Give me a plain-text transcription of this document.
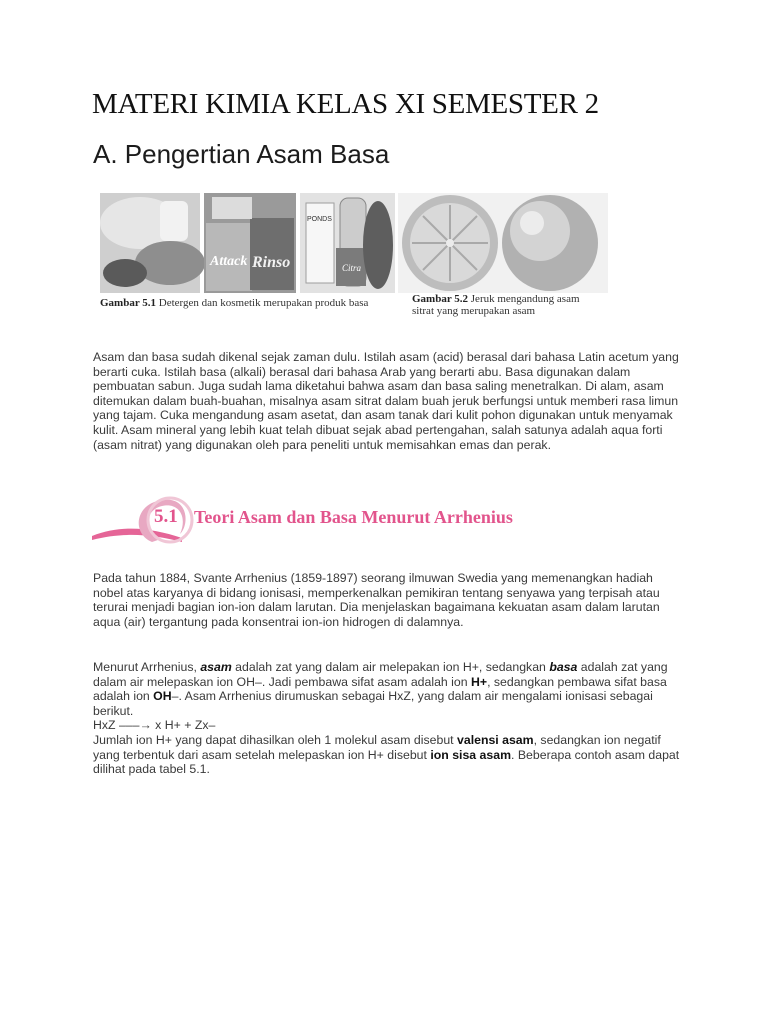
MATERI KIMIA KELAS XI SEMESTER 2
A. Pengertian Asam Basa
Attack Rinso
PONDS
Citra
Gambar 5.1 Detergen dan kosmetik merupakan produk basa	Gambar 5.2 Jeruk mengandung asam sitrat yang merupakan asam

Asam dan basa sudah dikenal sejak zaman dulu. Istilah asam (acid) berasal dari bahasa Latin acetum yang berarti cuka. Istilah basa (alkali) berasal dari bahasa Arab yang berarti abu. Basa digunakan dalam pembuatan sabun. Juga sudah lama diketahui bahwa asam dan basa saling menetralkan. Di alam, asam ditemukan dalam buah-buahan, misalnya asam sitrat dalam buah jeruk berfungsi untuk memberi rasa limun yang tajam. Cuka mengandung asam asetat, dan asam tanak dari kulit pohon digunakan untuk menyamak kulit. Asam mineral yang lebih kuat telah dibuat sejak abad pertengahan, salah satunya adalah aqua forti (asam nitrat) yang digunakan oleh para peneliti untuk memisahkan emas dan perak.

5.1 Teori Asam dan Basa Menurut Arrhenius

Pada tahun 1884, Svante Arrhenius (1859-1897) seorang ilmuwan Swedia yang memenangkan hadiah nobel atas karyanya di bidang ionisasi, memperkenalkan pemikiran tentang senyawa yang terpisah atau terurai menjadi bagian ion-ion dalam larutan. Dia menjelaskan bagaimana kekuatan asam dalam larutan aqua (air) tergantung pada konsentrai ion-ion hidrogen di dalamnya.

Menurut Arrhenius, asam adalah zat yang dalam air melepakan ion H+, sedangkan basa adalah zat yang dalam air melepaskan ion OH–. Jadi pembawa sifat asam adalah ion H+, sedangkan pembawa sifat basa adalah ion OH–. Asam Arrhenius dirumuskan sebagai HxZ, yang dalam air mengalami ionisasi sebagai berikut.
HxZ –––→ x H+ + Zx–
Jumlah ion H+ yang dapat dihasilkan oleh 1 molekul asam disebut valensi asam, sedangkan ion negatif yang terbentuk dari asam setelah melepaskan ion H+ disebut ion sisa asam. Beberapa contoh asam dapat dilihat pada tabel 5.1.
